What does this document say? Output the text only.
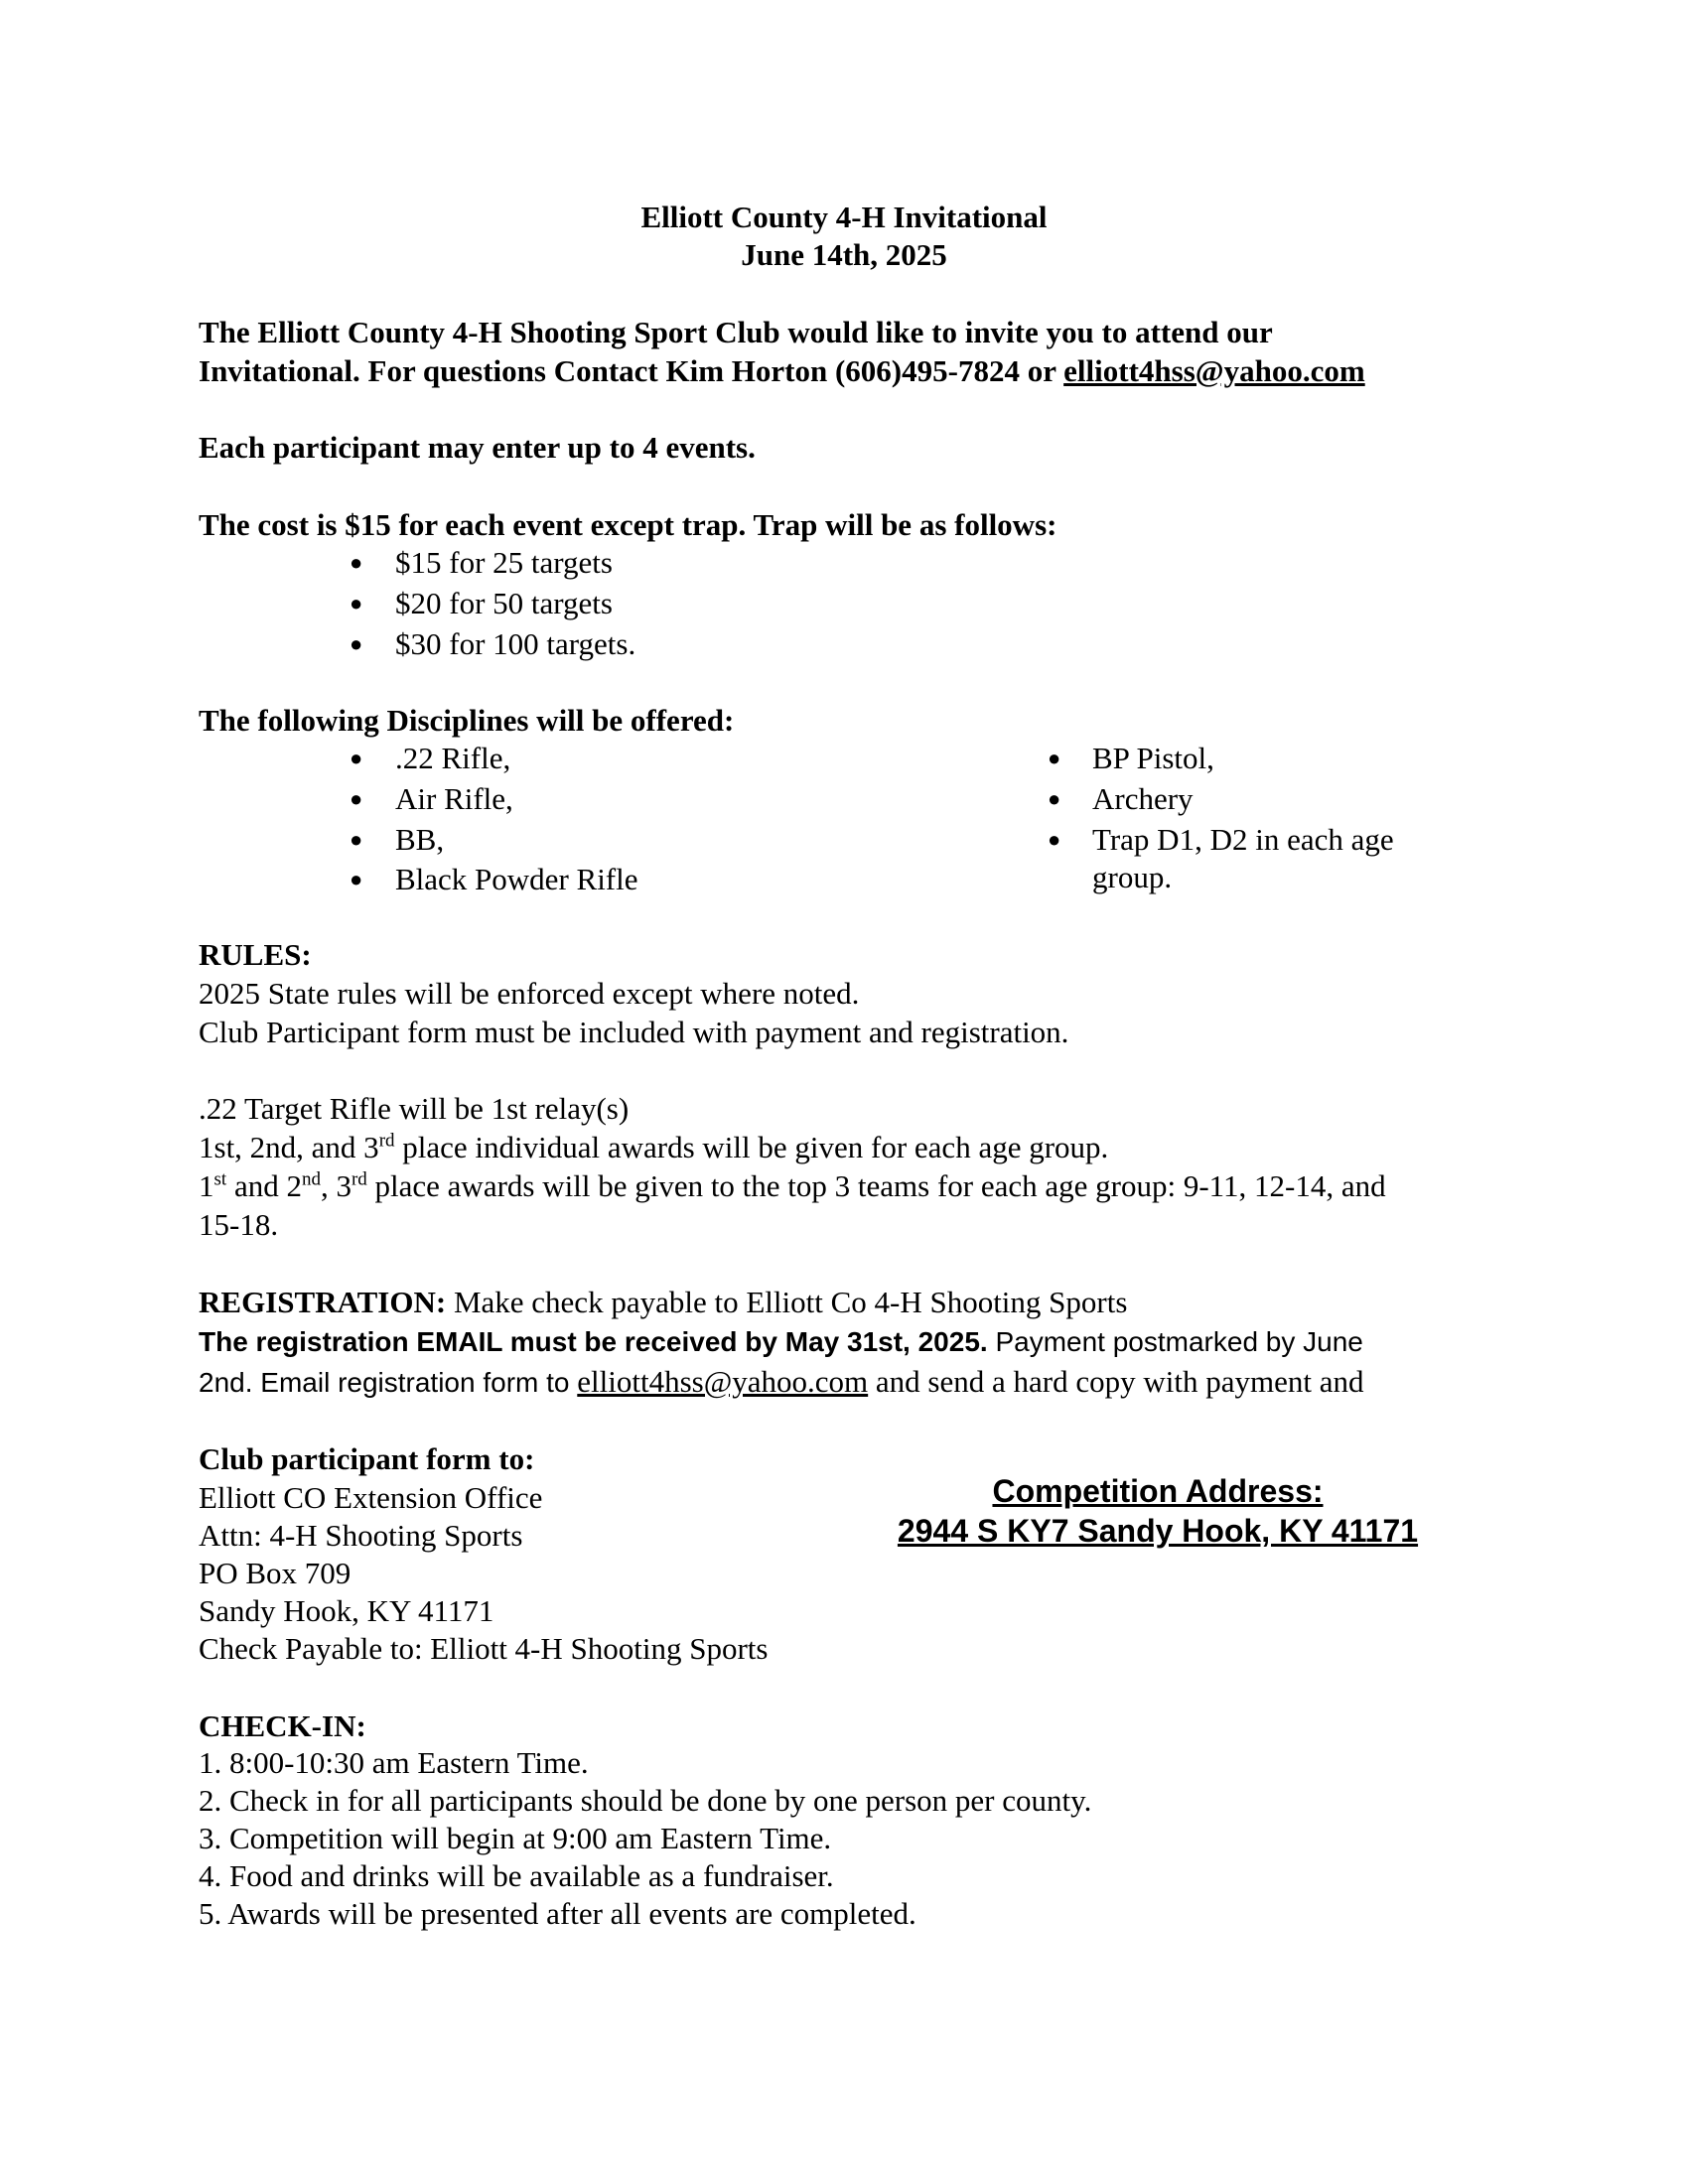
Elliott County 4-H Invitational
June 14th, 2025
The Elliott County 4-H Shooting Sport Club would like to invite you to attend our
Invitational. For questions Contact Kim Horton (606)495-7824 or elliott4hss@yahoo.com
Each participant may enter up to 4 events.
The cost is $15 for each event except trap. Trap will be as follows:
● $15 for 25 targets
● $20 for 50 targets
● $30 for 100 targets.
The following Disciplines will be offered:
● .22 Rifle,
● Air Rifle,
● BB,
● Black Powder Rifle
● BP Pistol,
● Archery
● Trap D1, D2 in each age
group.
RULES:
2025 State rules will be enforced except where noted.
Club Participant form must be included with payment and registration.
.22 Target Rifle will be 1st relay(s)
1st, 2nd, and 3rd place individual awards will be given for each age group.
1st and 2nd, 3rd place awards will be given to the top 3 teams for each age group: 9-11, 12-14, and
15-18.
REGISTRATION: Make check payable to Elliott Co 4-H Shooting Sports
The registration EMAIL must be received by May 31st, 2025. Payment postmarked by June
2nd. Email registration form to elliott4hss@yahoo.com and send a hard copy with payment and
Club participant form to:
Elliott CO Extension Office
Attn: 4-H Shooting Sports
PO Box 709
Sandy Hook, KY 41171
Check Payable to: Elliott 4-H Shooting Sports
Competition Address:
2944 S KY7 Sandy Hook, KY 41171
CHECK-IN:
1. 8:00-10:30 am Eastern Time.
2. Check in for all participants should be done by one person per county.
3. Competition will begin at 9:00 am Eastern Time.
4. Food and drinks will be available as a fundraiser.
5. Awards will be presented after all events are completed.
